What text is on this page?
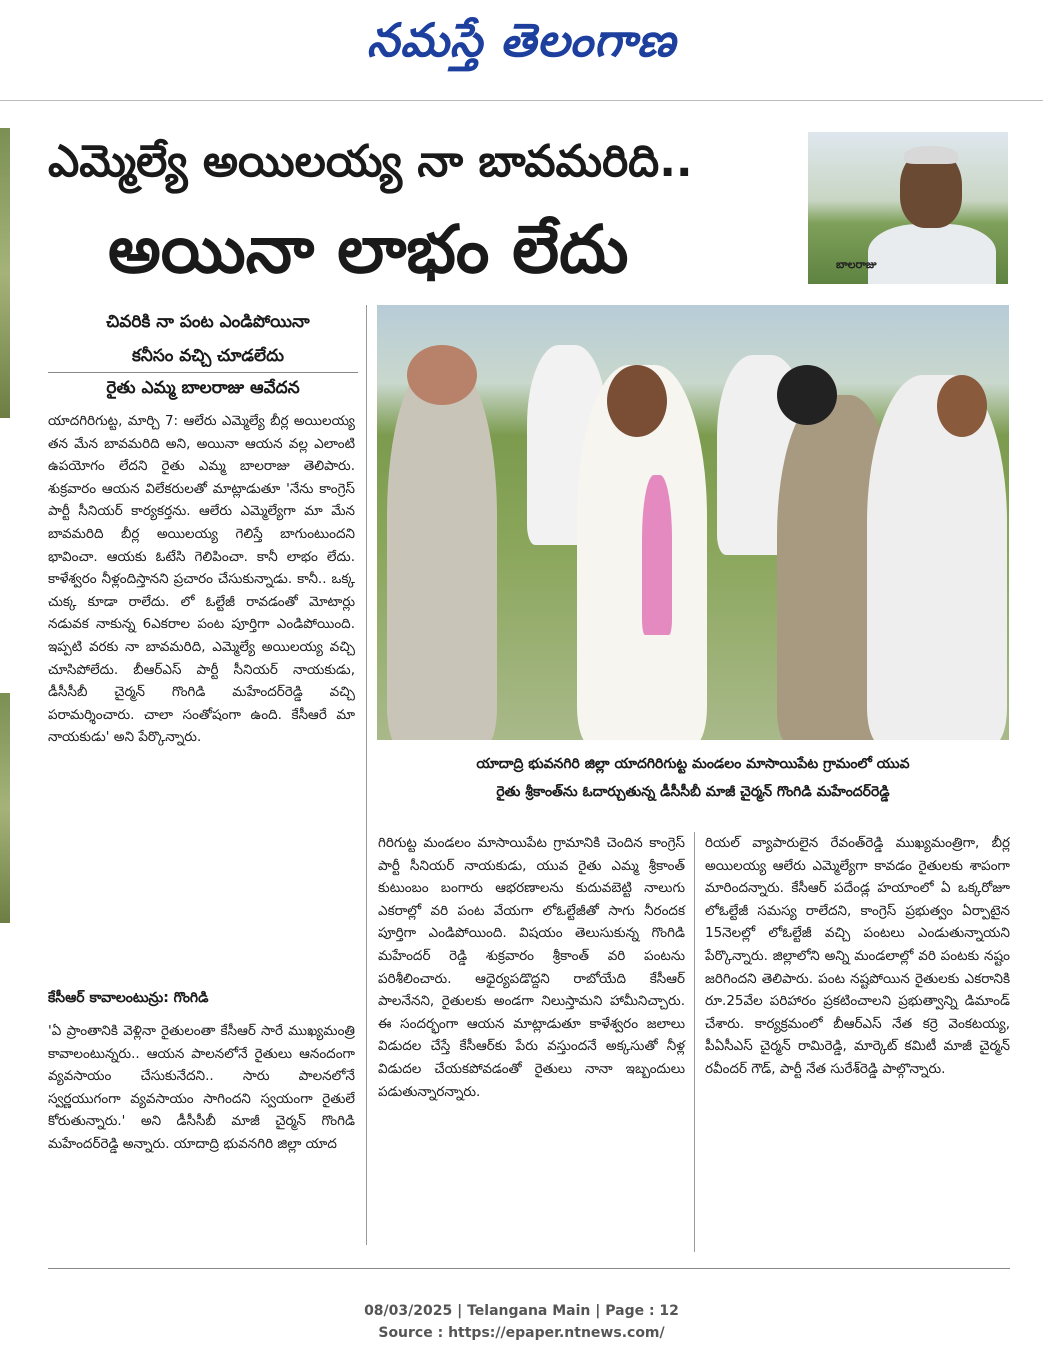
నమస్తే తెలంగాణ
ఎమ్మెల్యే అయిలయ్య నా బావమరిది..
అయినా లాభం లేదు	బాలరాజు
చివరికి నా పంట ఎండిపోయినా
కనీసం వచ్చి చూడలేదు
రైతు ఎమ్మ బాలరాజు ఆవేదన

యాదగిరిగుట్ట, మార్చి 7: ఆలేరు ఎమ్మెల్యే బీర్ల అయిలయ్య తన మేన బావమరిది అని, అయినా ఆయన వల్ల ఎలాంటి ఉపయోగం లేదని రైతు ఎమ్మ బాలరాజు తెలిపారు. శుక్రవారం ఆయన విలేకరులతో మాట్లాడుతూ 'నేను కాంగ్రెస్ పార్టీ సీనియర్ కార్యకర్తను. ఆలేరు ఎమ్మెల్యేగా మా మేన బావమరిది బీర్ల అయిలయ్య గెలిస్తే బాగుంటుందని భావించా. ఆయకు ఓటేసి గెలిపించా. కానీ లాభం లేదు. కాళేశ్వరం నీళ్లందిస్తానని ప్రచారం చేసుకున్నాడు. కానీ.. ఒక్క చుక్క కూడా రాలేదు. లో ఓల్టేజీ రావడంతో మోటార్లు నడువక నాకున్న 6ఎకరాల పంట పూర్తిగా ఎండిపోయింది. ఇప్పటి వరకు నా బావమరిది, ఎమ్మెల్యే అయిలయ్య వచ్చి చూసిపోలేదు. బీఆర్ఎస్ పార్టీ సీనియర్ నాయకుడు, డీసీసీబీ చైర్మన్ గొంగిడి మహేందర్‌రెడ్డి వచ్చి పరామర్శించారు. చాలా సంతోషంగా ఉంది. కేసీఆరే మా నాయకుడు' అని పేర్కొన్నారు.

కేసీఆర్ కావాలంటున్రు: గొంగిడి

'ఏ ప్రాంతానికి వెళ్లినా రైతులంతా కేసీఆర్ సారే ముఖ్యమంత్రి కావాలంటున్నరు.. ఆయన పాలనలోనే రైతులు ఆనందంగా వ్యవసాయం చేసుకునేదని.. సారు పాలనలోనే స్వర్ణయుగంగా వ్యవసాయం సాగిందని స్వయంగా రైతులే కోరుతున్నారు.' అని డీసీసీబీ మాజీ చైర్మన్ గొంగిడి మహేందర్‌రెడ్డి అన్నారు. యాదాద్రి భువనగిరి జిల్లా యాద

యాదాద్రి భువనగిరి జిల్లా యాదగిరిగుట్ట మండలం మాసాయిపేట గ్రామంలో యువ
రైతు శ్రీకాంత్‌ను ఓదార్చుతున్న డీసీసీబీ మాజీ చైర్మన్ గొంగిడి మహేందర్‌రెడ్డి

గిరిగుట్ట మండలం మాసాయిపేట గ్రామానికి చెందిన కాంగ్రెస్ పార్టీ సీనియర్ నాయకుడు, యువ రైతు ఎమ్మ శ్రీకాంత్ కుటుంబం బంగారు ఆభరణాలను కుదువబెట్టి నాలుగు ఎకరాల్లో వరి పంట వేయగా లోఓల్టేజీతో సాగు నీరందక పూర్తిగా ఎండిపోయింది. విషయం తెలుసుకున్న గొంగిడి మహేందర్ రెడ్డి శుక్రవారం శ్రీకాంత్ వరి పంటను పరిశీలించారు. ఆధైర్యపడొద్దని రాబోయేది కేసీఆర్ పాలనేనని, రైతులకు అండగా నిలుస్తామని హామీనిచ్చారు. ఈ సందర్భంగా ఆయన మాట్లాడుతూ కాళేశ్వరం జలాలు విడుదల చేస్తే కేసీఆర్‌కు పేరు వస్తుందనే అక్కసుతో నీళ్ల విడుదల చేయకపోవడంతో రైతులు నానా ఇబ్బందులు పడుతున్నారన్నారు.

రియల్ వ్యాపారులైన రేవంత్‌రెడ్డి ముఖ్యమంత్రిగా, బీర్ల అయిలయ్య ఆలేరు ఎమ్మెల్యేగా కావడం రైతులకు శాపంగా మారిందన్నారు. కేసీఆర్ పదేండ్ల హయాంలో ఏ ఒక్కరోజూ లోఓల్టేజీ సమస్య రాలేదని, కాంగ్రెస్ ప్రభుత్వం ఏర్పాటైన 15నెలల్లో లోఓల్టేజీ వచ్చి పంటలు ఎండుతున్నాయని పేర్కొన్నారు. జిల్లాలోని అన్ని మండలాల్లో వరి పంటకు నష్టం జరిగిందని తెలిపారు. పంట నష్టపోయిన రైతులకు ఎకరానికి రూ.25వేల పరిహారం ప్రకటించాలని ప్రభుత్వాన్ని డిమాండ్ చేశారు. కార్యక్రమంలో బీఆర్ఎస్ నేత కర్రె వెంకటయ్య, పీఏసీఎస్ చైర్మన్ రామిరెడ్డి, మార్కెట్ కమిటీ మాజీ చైర్మన్ రవీందర్ గౌడ్, పార్టీ నేత సురేశ్‌రెడ్డి పాల్గొన్నారు.

08/03/2025 | Telangana Main | Page : 12
Source : https://epaper.ntnews.com/
